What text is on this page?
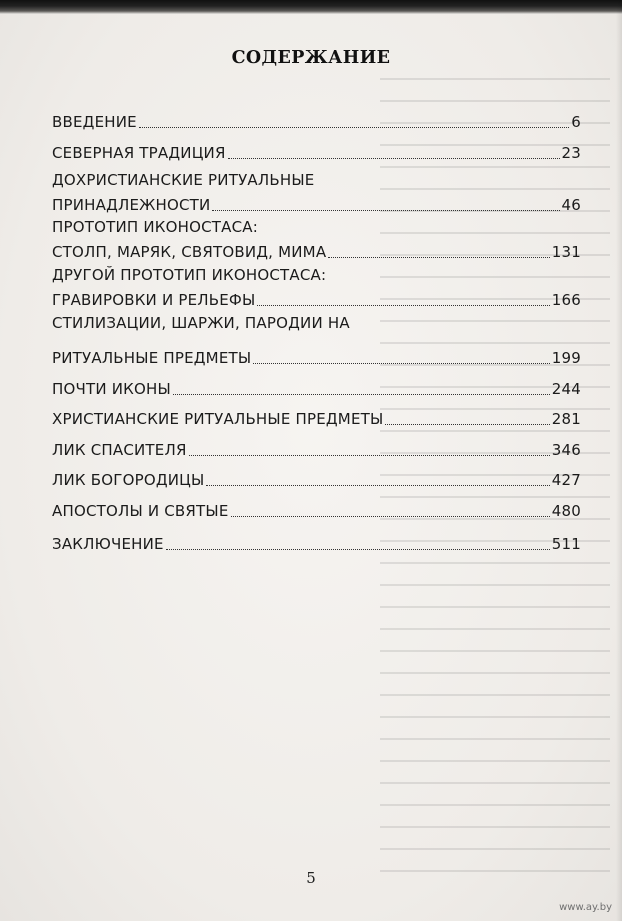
СОДЕРЖАНИЕ
ВВЕДЕНИЕ	6
СЕВЕРНАЯ ТРАДИЦИЯ	23
ДОХРИСТИАНСКИЕ РИТУАЛЬНЫЕ
ПРИНАДЛЕЖНОСТИ	46
ПРОТОТИП ИКОНОСТАСА:
СТОЛП, МАРЯК, СВЯТОВИД, МИМА	131
ДРУГОЙ ПРОТОТИП ИКОНОСТАСА:
ГРАВИРОВКИ И РЕЛЬЕФЫ	166
СТИЛИЗАЦИИ, ШАРЖИ, ПАРОДИИ НА
РИТУАЛЬНЫЕ ПРЕДМЕТЫ	199
ПОЧТИ ИКОНЫ	244
ХРИСТИАНСКИЕ РИТУАЛЬНЫЕ ПРЕДМЕТЫ	281
ЛИК СПАСИТЕЛЯ	346
ЛИК БОГОРОДИЦЫ	427
АПОСТОЛЫ И СВЯТЫЕ	480
ЗАКЛЮЧЕНИЕ	511
5
www.ay.by
